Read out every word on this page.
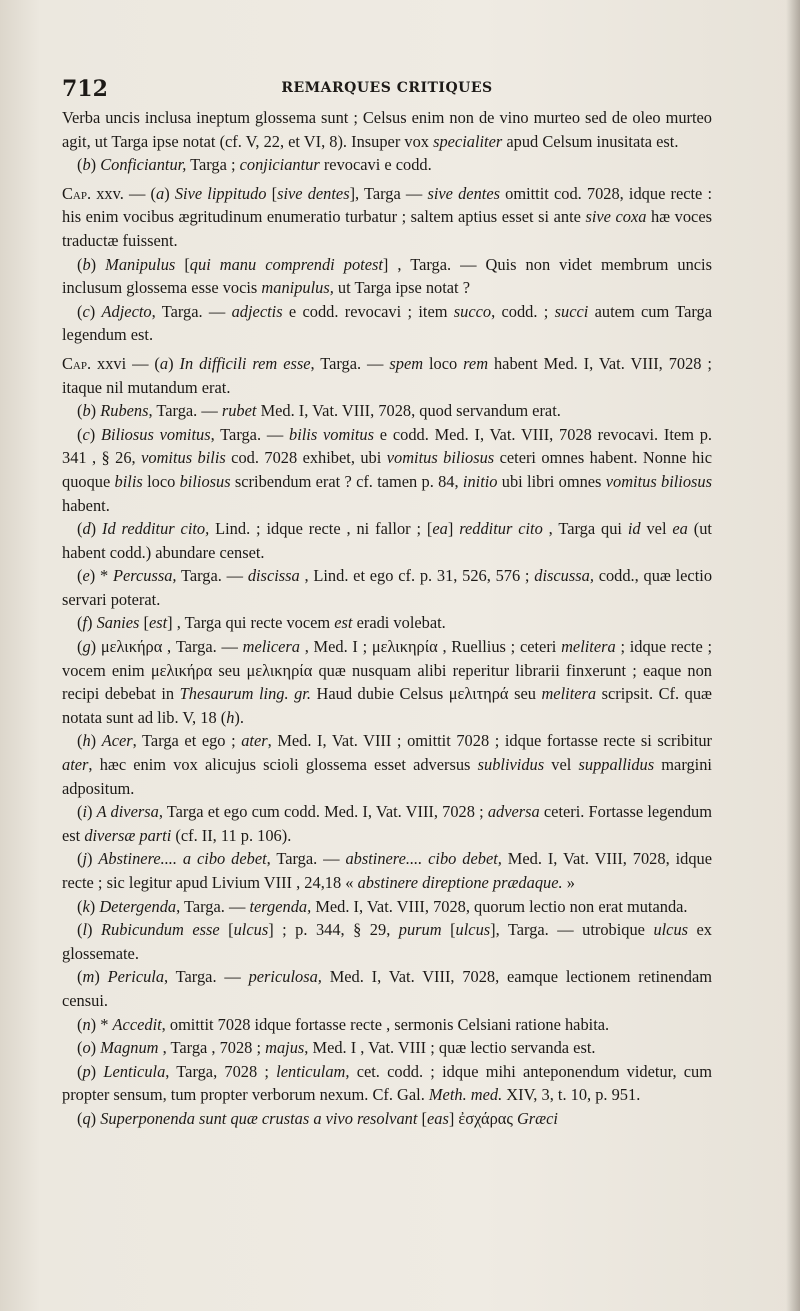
712	REMARQUES CRITIQUES

Verba uncis inclusa ineptum glossema sunt ; Celsus enim non de vino murteo sed de oleo murteo agit, ut Targa ipse notat (cf. V, 22, et VI, 8). Insuper vox specialiter apud Celsum inusitata est.

(b) Conficiantur, Targa ; conjiciantur revocavi e codd.

Cap. xxv. — (a) Sive lippitudo [sive dentes], Targa — sive dentes omittit cod. 7028, idque recte : his enim vocibus ægritudinum enumeratio turbatur ; saltem aptius esset si ante sive coxa hæ voces traductæ fuissent.

(b) Manipulus [qui manu comprendi potest] , Targa. — Quis non videt membrum uncis inclusum glossema esse vocis manipulus, ut Targa ipse notat ?

(c) Adjecto, Targa. — adjectis e codd. revocavi ; item succo, codd. ; succi autem cum Targa legendum est.

Cap. xxvi — (a) In difficili rem esse, Targa. — spem loco rem habent Med. I, Vat. VIII, 7028 ; itaque nil mutandum erat.

(b) Rubens, Targa. — rubet Med. I, Vat. VIII, 7028, quod servandum erat.

(c) Biliosus vomitus, Targa. — bilis vomitus e codd. Med. I, Vat. VIII, 7028 revocavi. Item p. 341 , § 26, vomitus bilis cod. 7028 exhibet, ubi vomitus biliosus ceteri omnes habent. Nonne hic quoque bilis loco biliosus scribendum erat ? cf. tamen p. 84, initio ubi libri omnes vomitus biliosus habent.

(d) Id redditur cito, Lind. ; idque recte , ni fallor ; [ea] redditur cito , Targa qui id vel ea (ut habent codd.) abundare censet.

(e) * Percussa, Targa. — discissa , Lind. et ego cf. p. 31, 526, 576 ; discussa, codd., quæ lectio servari poterat.

(f) Sanies [est] , Targa qui recte vocem est eradi volebat.

(g) μελικήρα , Targa. — melicera , Med. I ; μελικηρία , Ruellius ; ceteri melitera ; idque recte ; vocem enim μελικήρα seu μελικηρία quæ nusquam alibi reperitur librarii finxerunt ; eaque non recipi debebat in Thesaurum ling. gr. Haud dubie Celsus μελιτηρά seu melitera scripsit. Cf. quæ notata sunt ad lib. V, 18 (h).

(h) Acer, Targa et ego ; ater, Med. I, Vat. VIII ; omittit 7028 ; idque fortasse recte si scribitur ater, hæc enim vox alicujus scioli glossema esset adversus sublividus vel suppallidus margini adpositum.

(i) A diversa, Targa et ego cum codd. Med. I, Vat. VIII, 7028 ; adversa ceteri. Fortasse legendum est diversæ parti (cf. II, 11 p. 106).

(j) Abstinere.... a cibo debet, Targa. — abstinere.... cibo debet, Med. I, Vat. VIII, 7028, idque recte ; sic legitur apud Livium VIII , 24,18 « abstinere direptione prædaque. »

(k) Detergenda, Targa. — tergenda, Med. I, Vat. VIII, 7028, quorum lectio non erat mutanda.

(l) Rubicundum esse [ulcus] ; p. 344, § 29, purum [ulcus], Targa. — utrobique ulcus ex glossemate.

(m) Pericula, Targa. — periculosa, Med. I, Vat. VIII, 7028, eamque lectionem retinendam censui.

(n) * Accedit, omittit 7028 idque fortasse recte , sermonis Celsiani ratione habita.

(o) Magnum , Targa , 7028 ; majus, Med. I , Vat. VIII ; quæ lectio servanda est.

(p) Lenticula, Targa, 7028 ; lenticulam, cet. codd. ; idque mihi anteponendum videtur, cum propter sensum, tum propter verborum nexum. Cf. Gal. Meth. med. XIV, 3, t. 10, p. 951.

(q) Superponenda sunt quæ crustas a vivo resolvant [eas] ἐσχάρας Græci
